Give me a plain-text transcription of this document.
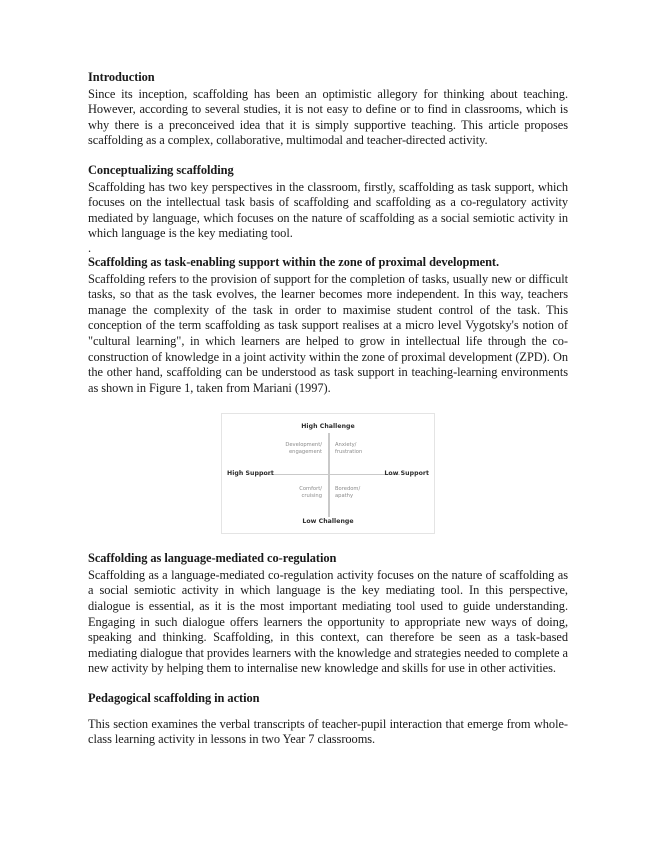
Introduction

Since its inception, scaffolding has been an optimistic allegory for thinking about teaching. However, according to several studies, it is not easy to define or to find in classrooms, which is why there is a preconceived idea that it is simply supportive teaching. This article proposes scaffolding as a complex, collaborative, multimodal and teacher-directed activity.

Conceptualizing scaffolding

Scaffolding has two key perspectives in the classroom, firstly, scaffolding as task support, which focuses on the intellectual task basis of scaffolding and scaffolding as a co-regulatory activity mediated by language, which focuses on the nature of scaffolding as a social semiotic activity in which language is the key mediating tool.

.

Scaffolding as task-enabling support within the zone of proximal development.

Scaffolding refers to the provision of support for the completion of tasks, usually new or difficult tasks, so that as the task evolves, the learner becomes more independent. In this way, teachers manage the complexity of the task in order to maximise student control of the task. This conception of the term scaffolding as task support realises at a micro level Vygotsky's notion of "cultural learning", in which learners are helped to grow in intellectual life through the co-construction of knowledge in a joint activity within the zone of proximal development (ZPD). On the other hand, scaffolding can be understood as task support in teaching-learning environments as shown in Figure 1, taken from Mariani (1997).

High Challenge
Low Challenge
High Support	Low Support
Development/
engagement
Anxiety/
frustration
Comfort/
cruising
Boredom/
apathy
Scaffolding as language-mediated co-regulation

Scaffolding as a language-mediated co-regulation activity focuses on the nature of scaffolding as a social semiotic activity in which language is the key mediating tool. In this perspective, dialogue is essential, as it is the most important mediating tool used to guide understanding. Engaging in such dialogue offers learners the opportunity to appropriate new ways of doing, speaking and thinking. Scaffolding, in this context, can therefore be seen as a task-based mediating dialogue that provides learners with the knowledge and strategies needed to complete a new activity by helping them to internalise new knowledge and skills for use in other activities.

Pedagogical scaffolding in action

This section examines the verbal transcripts of teacher-pupil interaction that emerge from whole-class learning activity in lessons in two Year 7 classrooms.
